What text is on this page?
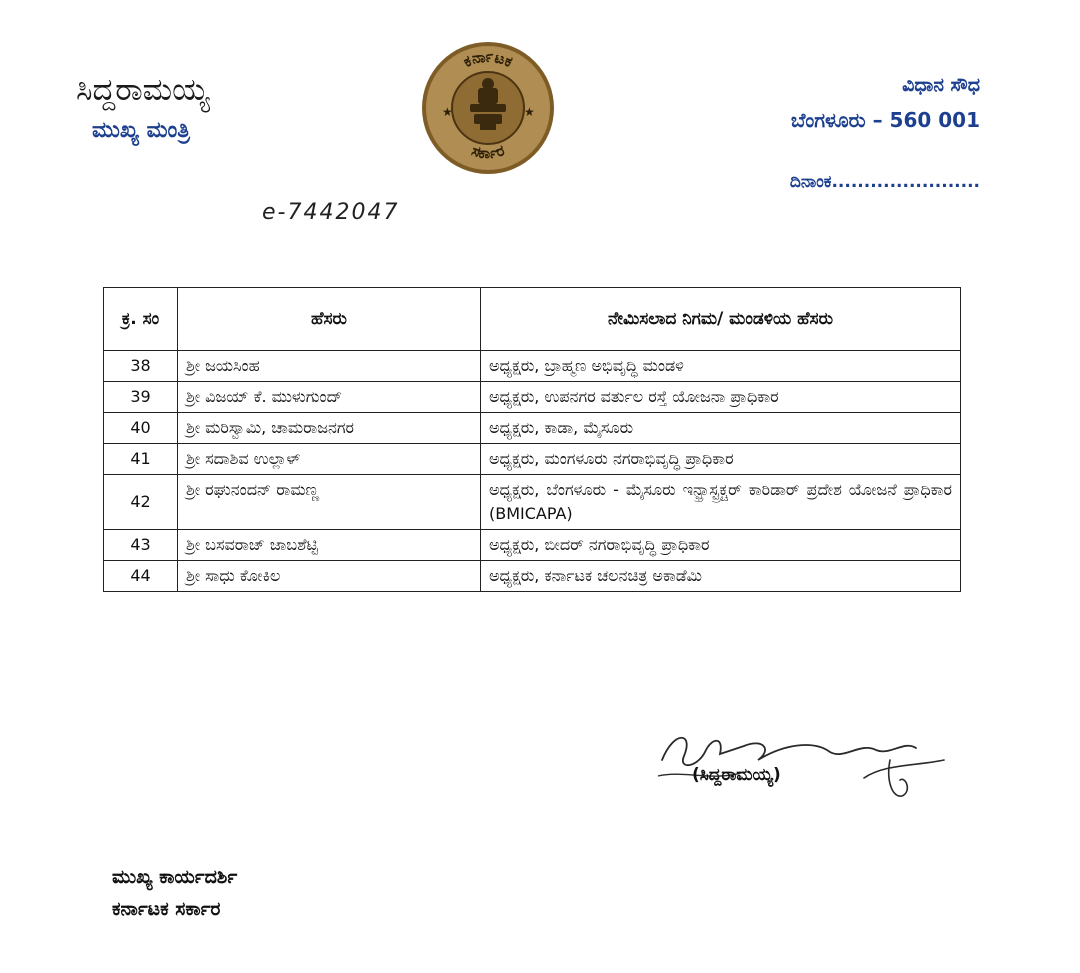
ಸಿದ್ದರಾಮಯ್ಯ
ಮುಖ್ಯ ಮಂತ್ರಿ
ಕರ್ನಾಟಕ
ಸರ್ಕಾರ
★	★
ವಿಧಾನ ಸೌಧ
ಬೆಂಗಳೂರು – 560 001
ದಿನಾಂಕ.......................
e-7442047
ಕ್ರ. ಸಂ	ಹೆಸರು	ನೇಮಿಸಲಾದ ನಿಗಮ/ ಮಂಡಳಿಯ ಹೆಸರು
38	ಶ್ರೀ ಜಯಸಿಂಹ	ಅಧ್ಯಕ್ಷರು, ಬ್ರಾಹ್ಮಣ ಅಭಿವೃದ್ಧಿ ಮಂಡಳಿ
39	ಶ್ರೀ ವಿಜಯ್ ಕೆ. ಮುಳುಗುಂದ್	ಅಧ್ಯಕ್ಷರು, ಉಪನಗರ ವರ್ತುಲ ರಸ್ತೆ ಯೋಜನಾ ಪ್ರಾಧಿಕಾರ
40	ಶ್ರೀ ಮರಿಸ್ವಾಮಿ, ಚಾಮರಾಜನಗರ	ಅಧ್ಯಕ್ಷರು, ಕಾಡಾ, ಮೈಸೂರು
41	ಶ್ರೀ ಸದಾಶಿವ ಉಲ್ಲಾಳ್	ಅಧ್ಯಕ್ಷರು, ಮಂಗಳೂರು ನಗರಾಭಿವೃದ್ಧಿ ಪ್ರಾಧಿಕಾರ
42	ಶ್ರೀ ರಘುನಂದನ್ ರಾಮಣ್ಣ	ಅಧ್ಯಕ್ಷರು, ಬೆಂಗಳೂರು - ಮೈಸೂರು ಇನ್ಫ್ರಾಸ್ಟ್ರಕ್ಚರ್ ಕಾರಿಡಾರ್ ಪ್ರದೇಶ ಯೋಜನೆ ಪ್ರಾಧಿಕಾರ (BMICAPA)
43	ಶ್ರೀ ಬಸವರಾಜ್ ಜಾಬಶೆಟ್ಟಿ	ಅಧ್ಯಕ್ಷರು, ಬೀದರ್ ನಗರಾಭಿವೃದ್ಧಿ ಪ್ರಾಧಿಕಾರ
44	ಶ್ರೀ ಸಾಧು ಕೋಕಿಲ	ಅಧ್ಯಕ್ಷರು, ಕರ್ನಾಟಕ ಚಲನಚಿತ್ರ ಅಕಾಡೆಮಿ
(ಸಿದ್ದರಾಮಯ್ಯ)
ಮುಖ್ಯ ಕಾರ್ಯದರ್ಶಿ
ಕರ್ನಾಟಕ ಸರ್ಕಾರ
